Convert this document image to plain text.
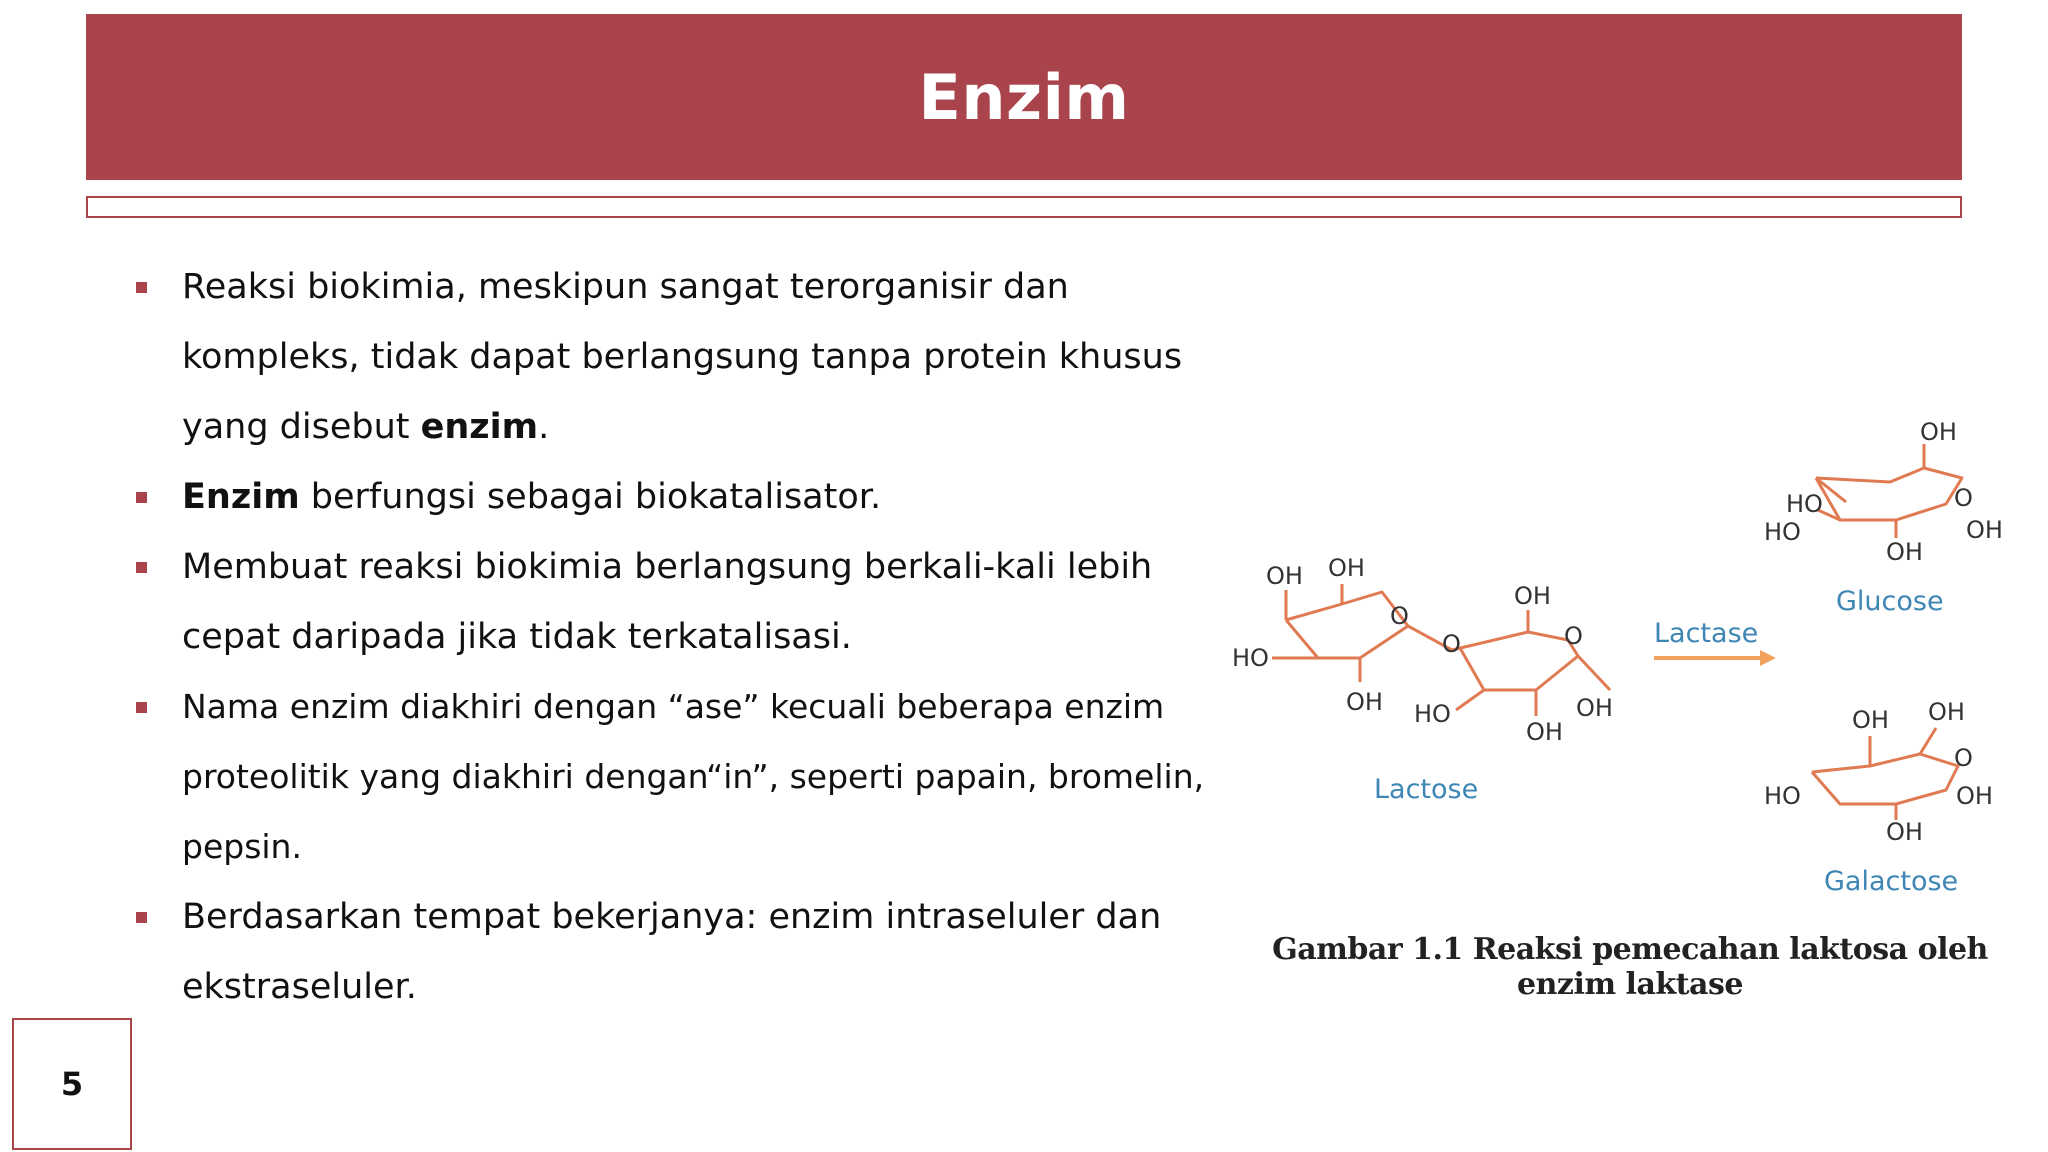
Enzim
Reaksi biokimia, meskipun sangat terorganisir dan kompleks, tidak dapat berlangsung tanpa protein khusus yang disebut enzim.
Enzim berfungsi sebagai biokatalisator.
Membuat reaksi biokimia berlangsung berkali-kali lebih cepat daripada jika tidak terkatalisasi.
Nama enzim diakhiri dengan “ase” kecuali beberapa enzim proteolitik yang diakhiri dengan“in”, seperti papain, bromelin, pepsin.
Berdasarkan tempat bekerjanya: enzim intraseluler dan ekstraseluler.
OH OH
O
HO	O
OH
O
OH
HO
OH
OH
Lactose
Lactase
OH
HO
HO
O
OH
OH
Glucose
OH OH
O
HO	OH
OH
Galactose
Gambar 1.1 Reaksi pemecahan laktosa oleh enzim laktase
5
